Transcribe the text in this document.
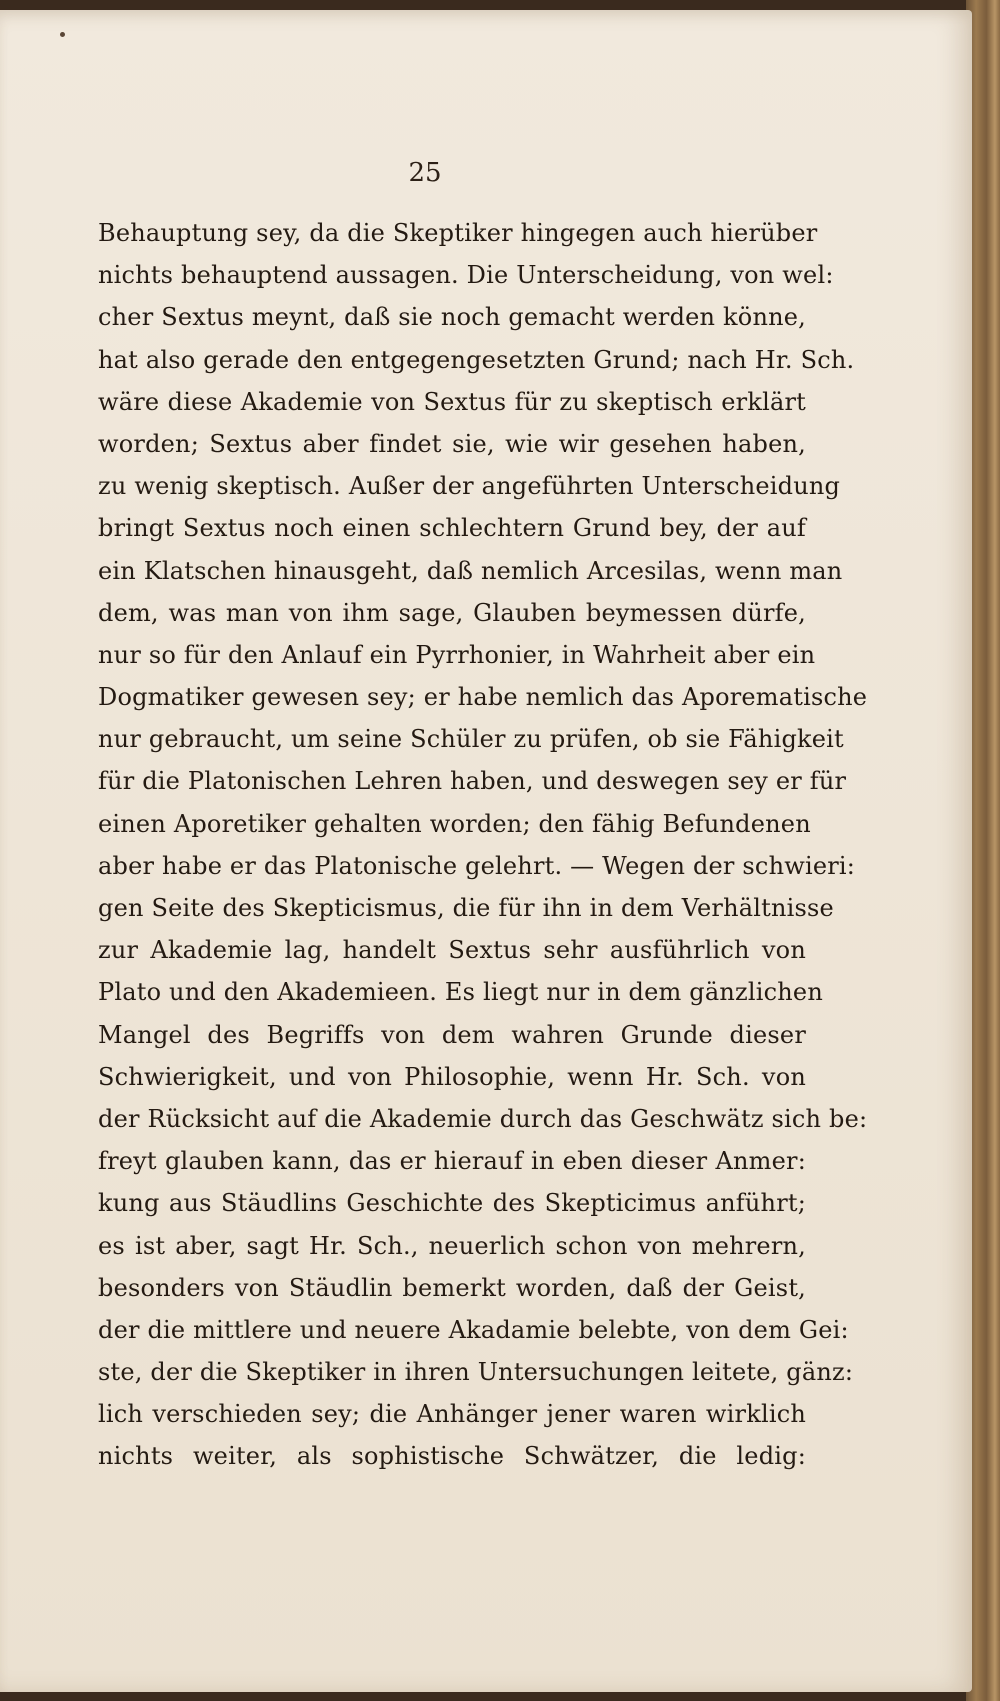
25
Behauptung sey, da die Skeptiker hingegen auch hierüber
nichts behauptend aussagen. Die Unterscheidung, von wel:
cher Sextus meynt, daß sie noch gemacht werden könne,
hat also gerade den entgegengesetzten Grund; nach Hr. Sch.
wäre diese Akademie von Sextus für zu skeptisch erklärt
worden; Sextus aber findet sie, wie wir gesehen haben,
zu wenig skeptisch. Außer der angeführten Unterscheidung
bringt Sextus noch einen schlechtern Grund bey, der auf
ein Klatschen hinausgeht, daß nemlich Arcesilas, wenn man
dem, was man von ihm sage, Glauben beymessen dürfe,
nur so für den Anlauf ein Pyrrhonier, in Wahrheit aber ein
Dogmatiker gewesen sey; er habe nemlich das Aporematische
nur gebraucht, um seine Schüler zu prüfen, ob sie Fähigkeit
für die Platonischen Lehren haben, und deswegen sey er für
einen Aporetiker gehalten worden; den fähig Befundenen
aber habe er das Platonische gelehrt. — Wegen der schwieri:
gen Seite des Skepticismus, die für ihn in dem Verhältnisse
zur Akademie lag, handelt Sextus sehr ausführlich von
Plato und den Akademieen. Es liegt nur in dem gänzlichen
Mangel des Begriffs von dem wahren Grunde dieser
Schwierigkeit, und von Philosophie, wenn Hr. Sch. von
der Rücksicht auf die Akademie durch das Geschwätz sich be:
freyt glauben kann, das er hierauf in eben dieser Anmer:
kung aus Stäudlins Geschichte des Skepticimus anführt;
es ist aber, sagt Hr. Sch., neuerlich schon von mehrern,
besonders von Stäudlin bemerkt worden, daß der Geist,
der die mittlere und neuere Akadamie belebte, von dem Gei:
ste, der die Skeptiker in ihren Untersuchungen leitete, gänz:
lich verschieden sey; die Anhänger jener waren wirklich
nichts weiter, als sophistische Schwätzer, die ledig:
